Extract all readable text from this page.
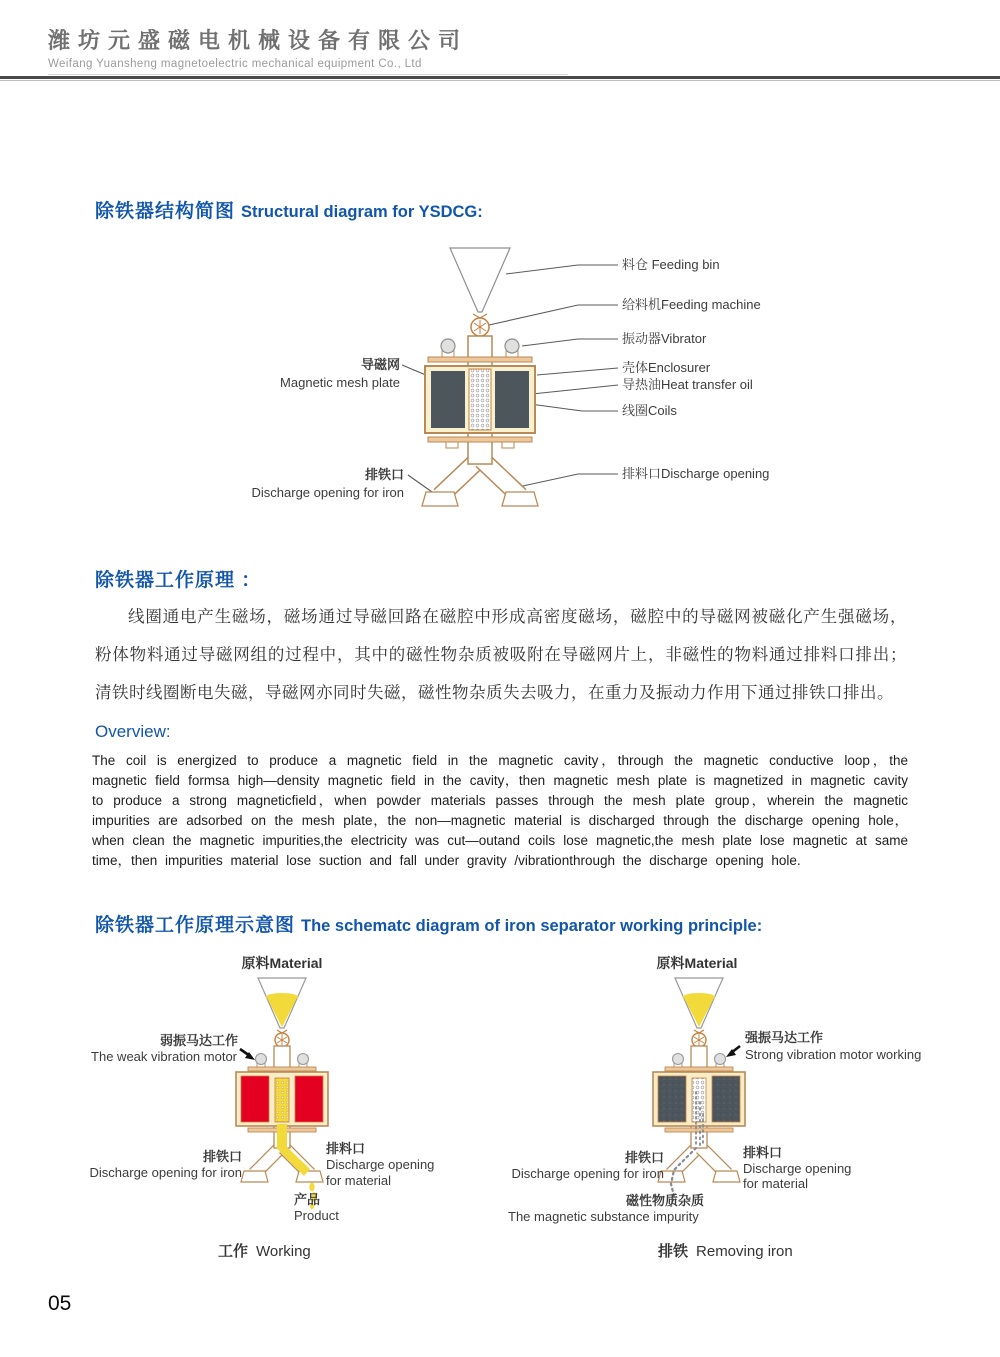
潍坊元盛磁电机械设备有限公司
Weifang Yuansheng magnetoelectric mechanical equipment Co., Ltd
除铁器结构简图 Structural diagram for YSDCG:
料仓 Feeding bin
给料机Feeding machine
振动器Vibrator
壳体Enclosurer
导热油Heat transfer oil
线圈Coils
排料口Discharge opening
导磁网
Magnetic mesh plate
排铁口
Discharge opening for iron
除铁器工作原理 ：
线圈通电产生磁场，磁场通过导磁回路在磁腔中形成高密度磁场，磁腔中的导磁网被磁化产生强磁场，粉体物料通过导磁网组的过程中，其中的磁性物杂质被吸附在导磁网片上，非磁性的物料通过排料口排出；清铁时线圈断电失磁，导磁网亦同时失磁，磁性物杂质失去吸力，在重力及振动力作用下通过排铁口排出。
Overview:
The coil is energized to produce a magnetic field in the magnetic cavity，through the magnetic conductive loop，the magnetic field formsa high—density magnetic field in the cavity，then magnetic mesh plate is magnetized in magnetic cavity to produce a strong magneticfield，when powder materials passes through the mesh plate group，wherein the magnetic impurities are adsorbed on the mesh plate，the non—magnetic material is discharged through the discharge opening hole，when clean the magnetic impurities,the electricity was cut—outand coils lose magnetic,the mesh plate lose magnetic at same time，then impurities material lose suction and fall under gravity /vibrationthrough the discharge opening hole.
除铁器工作原理示意图 The schematc diagram of iron separator working principle:
原料Material
弱振马达工作
The weak vibration motor
排铁口
Discharge opening for iron
排料口
Discharge opening
for material
产品
Product
原料Material
强振马达工作
Strong vibration motor working
排铁口
Discharge opening for iron
排料口
Discharge opening
for material
磁性物质杂质
The magnetic substance impurity
工作 Working	排铁 Removing iron
05
